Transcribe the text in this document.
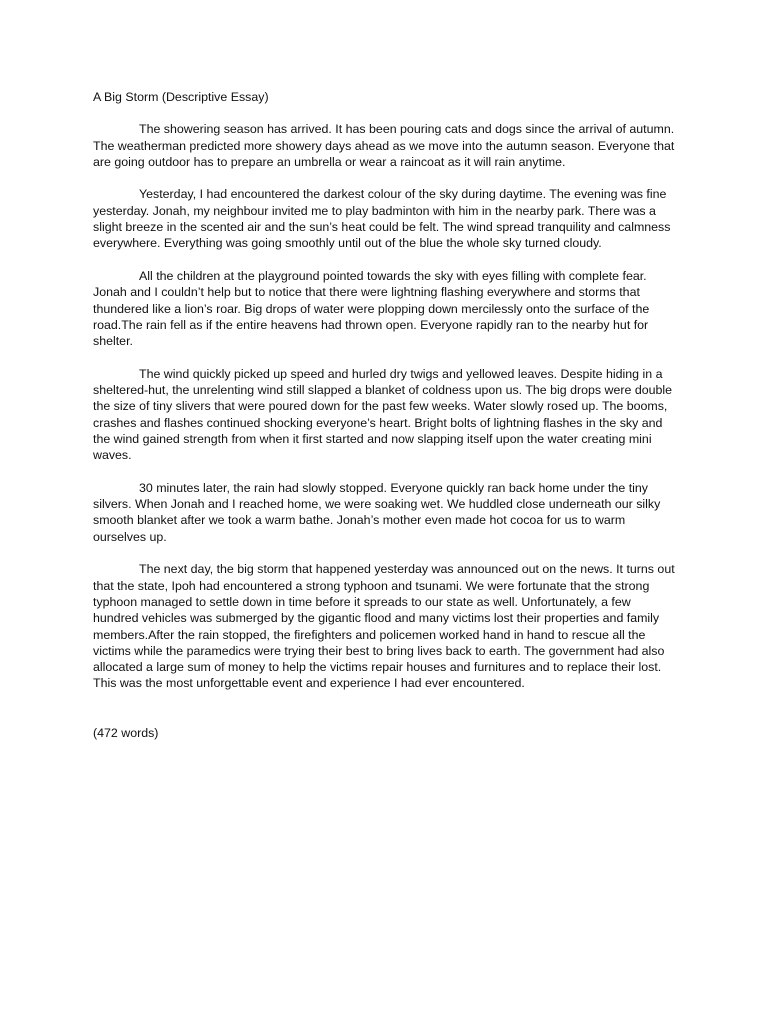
A Big Storm (Descriptive Essay)

The showering season has arrived. It has been pouring cats and dogs since the arrival of autumn. The weatherman predicted more showery days ahead as we move into the autumn season. Everyone that are going outdoor has to prepare an umbrella or wear a raincoat as it will rain anytime.

Yesterday, I had encountered the darkest colour of the sky during daytime. The evening was fine yesterday. Jonah, my neighbour invited me to play badminton with him in the nearby park. There was a slight breeze in the scented air and the sun’s heat could be felt. The wind spread tranquility and calmness everywhere. Everything was going smoothly until out of the blue the whole sky turned cloudy.

All the children at the playground pointed towards the sky with eyes filling with complete fear. Jonah and I couldn’t help but to notice that there were lightning flashing everywhere and storms that thundered like a lion’s roar. Big drops of water were plopping down mercilessly onto the surface of the road.The rain fell as if the entire heavens had thrown open. Everyone rapidly ran to the nearby hut for shelter.

The wind quickly picked up speed and hurled dry twigs and yellowed leaves. Despite hiding in a sheltered-hut, the unrelenting wind still slapped a blanket of coldness upon us. The big drops were double the size of tiny slivers that were poured down for the past few weeks. Water slowly rosed up. The booms, crashes and flashes continued shocking everyone’s heart. Bright bolts of lightning flashes in the sky and the wind gained strength from when it first started and now slapping itself upon the water creating mini waves.

30 minutes later, the rain had slowly stopped. Everyone quickly ran back home under the tiny silvers. When Jonah and I reached home, we were soaking wet. We huddled close underneath our silky smooth blanket after we took a warm bathe. Jonah’s mother even made hot cocoa for us to warm ourselves up.

The next day, the big storm that happened yesterday was announced out on the news. It turns out that the state, Ipoh had encountered a strong typhoon and tsunami. We were fortunate that the strong typhoon managed to settle down in time before it spreads to our state as well. Unfortunately, a few hundred vehicles was submerged by the gigantic flood and many victims lost their properties and family members.After the rain stopped, the firefighters and policemen worked hand in hand to rescue all the victims while the paramedics were trying their best to bring lives back to earth. The government had also allocated a large sum of money to help the victims repair houses and furnitures and to replace their lost. This was the most unforgettable event and experience I had ever encountered.

(472 words)
